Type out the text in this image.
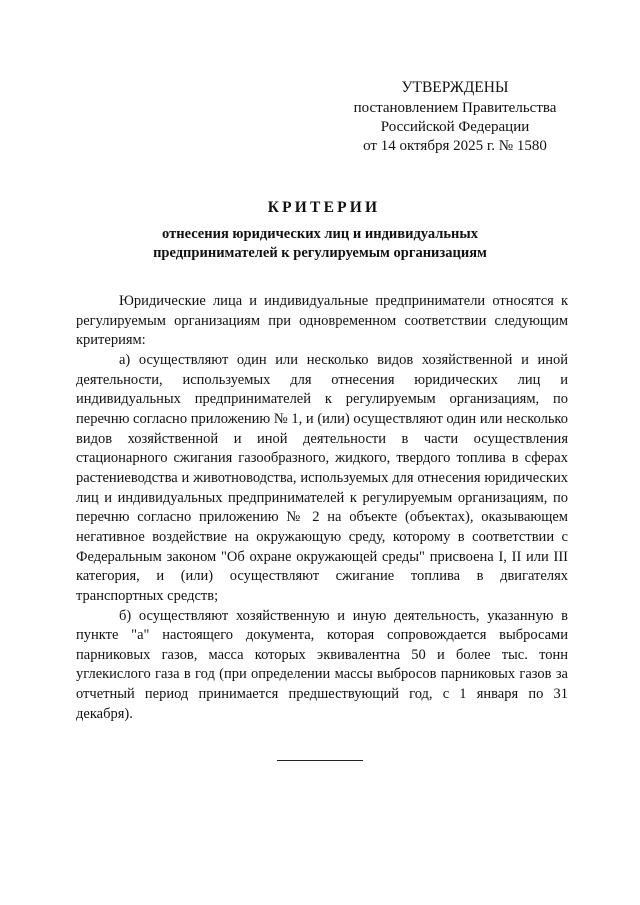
УТВЕРЖДЕНЫ
постановлением Правительства
Российской Федерации
от 14 октября 2025 г. № 1580
КРИТЕРИИ
отнесения юридических лиц и индивидуальных
предпринимателей к регулируемым организациям

Юридические лица и индивидуальные предприниматели относятся к регулируемым организациям при одновременном соответствии следующим критериям:

а) осуществляют один или несколько видов хозяйственной и иной деятельности, используемых для отнесения юридических лиц и индивидуальных предпринимателей к регулируемым организациям, по перечню согласно приложению № 1, и (или) осуществляют один или несколько видов хозяйственной и иной деятельности в части осуществления стационарного сжигания газообразного, жидкого, твердого топлива в сферах растениеводства и животноводства, используемых для отнесения юридических лиц и индивидуальных предпринимателей к регулируемым организациям, по перечню согласно приложению № 2 на объекте (объектах), оказывающем негативное воздействие на окружающую среду, которому в соответствии с Федеральным законом "Об охране окружающей среды" присвоена I, II или III категория, и (или) осуществляют сжигание топлива в двигателях транспортных средств;

б) осуществляют хозяйственную и иную деятельность, указанную в пункте "а" настоящего документа, которая сопровождается выбросами парниковых газов, масса которых эквивалентна 50 и более тыс. тонн углекислого газа в год (при определении массы выбросов парниковых газов за отчетный период принимается предшествующий год, с 1 января по 31 декабря).
